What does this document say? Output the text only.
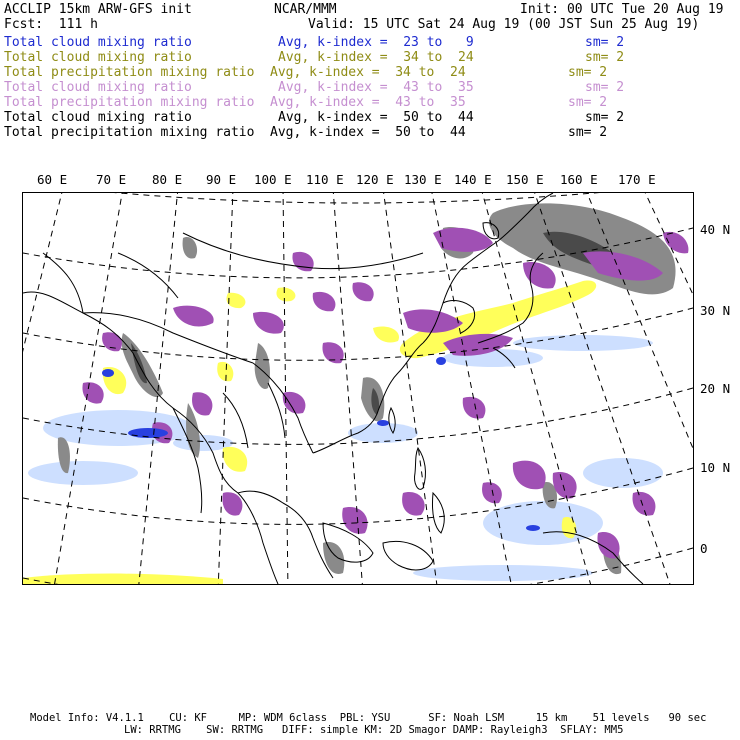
ACCLIP 15km ARW-GFS init	NCAR/MMM	Init: 00 UTC Tue 20 Aug 19
Fcst:  111 h	Valid: 15 UTC Sat 24 Aug 19 (00 JST Sun 25 Aug 19)
Total cloud mixing ratio	Avg, k-index =  23 to   9	sm= 2
Total cloud mixing ratio	Avg, k-index =  34 to  24	sm= 2
Total precipitation mixing ratio Avg, k-index =  34 to  24	sm= 2
Total cloud mixing ratio	Avg, k-index =  43 to  35	sm= 2
Total precipitation mixing ratio Avg, k-index =  43 to  35	sm= 2
Total cloud mixing ratio	Avg, k-index =  50 to  44	sm= 2
Total precipitation mixing ratio Avg, k-index =  50 to  44	sm= 2
60 E 70 E 80 E 90 E 100 E 110 E 120 E 130 E 140 E 150 E 160 E 170 E
40 N
30 N
20 N
10 N
0
Model Info: V4.1.1    CU: KF     MP: WDM 6class  PBL: YSU      SF: Noah LSM     15 km    51 levels   90 sec
LW: RRTMG    SW: RRTMG   DIFF: simple KM: 2D Smagor DAMP: Rayleigh3  SFLAY: MM5
